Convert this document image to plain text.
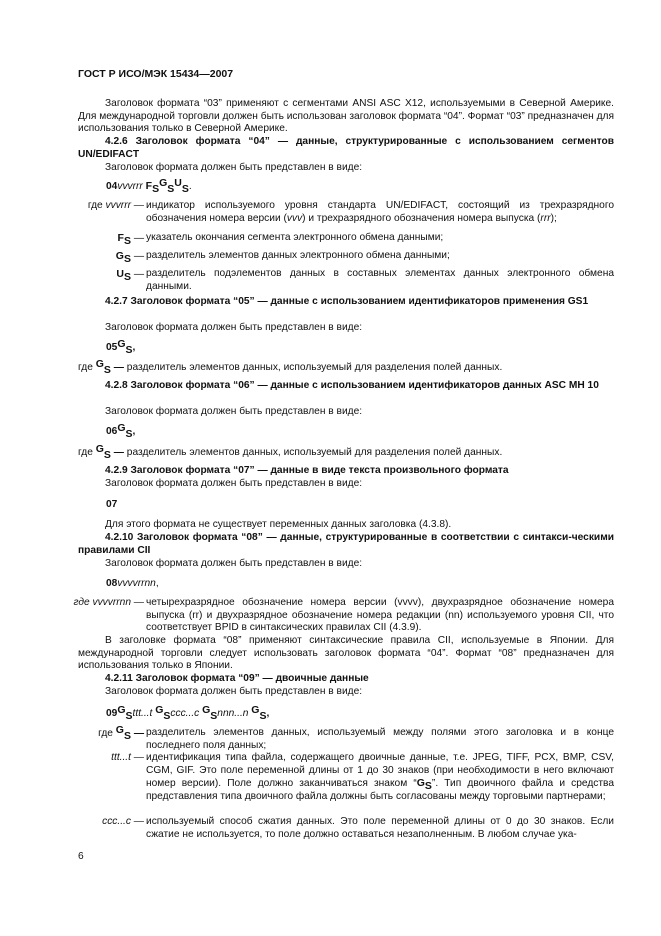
ГОСТ Р ИСО/МЭК 15434—2007
Заголовок формата “03” применяют с сегментами ANSI ASC X12, используемыми в Северной Америке. Для международной торговли должен быть использован заголовок формата “04”. Формат “03” предназначен для использования только в Северной Америке.
4.2.6 Заголовок формата “04” — данные, структурированные с использованием сегментов UN/EDIFACT
Заголовок формата должен быть представлен в виде:
04vvvrrr FSGSUS.
где vvvrrr — индикатор используемого уровня стандарта UN/EDIFACT, состоящий из трехразрядного обозначения номера версии (vvv) и трехразрядного обозначения номера выпуска (rrr);
FS — указатель окончания сегмента электронного обмена данными;
GS — разделитель элементов данных электронного обмена данными;
US — разделитель подэлементов данных в составных элементах данных электронного обмена данными.
4.2.7 Заголовок формата “05” — данные с использованием идентификаторов применения GS1
Заголовок формата должен быть представлен в виде:
05GS,
где GS — разделитель элементов данных, используемый для разделения полей данных.
4.2.8 Заголовок формата “06” — данные с использованием идентификаторов данных ASC MH 10
Заголовок формата должен быть представлен в виде:
06GS,
где GS — разделитель элементов данных, используемый для разделения полей данных.
4.2.9 Заголовок формата “07” — данные в виде текста произвольного формата
Заголовок формата должен быть представлен в виде:
07
Для этого формата не существует переменных данных заголовка (4.3.8).
4.2.10 Заголовок формата “08” — данные, структурированные в соответствии с синтакси-ческими правилами CII
Заголовок формата должен быть представлен в виде:
08vvvvrrnn,
где vvvvrrnn — четырехразрядное обозначение номера версии (vvvv), двухразрядное обозначение номера выпуска (rr) и двухразрядное обозначение номера редакции (nn) используемого уровня CII, что соответствует BPID в синтаксических правилах CII (4.3.9).
В заголовке формата “08” применяют синтаксические правила CII, используемые в Японии. Для международной торговли следует использовать заголовок формата “04”. Формат “08” предназначен для использования только в Японии.
4.2.11 Заголовок формата “09” — двоичные данные
Заголовок формата должен быть представлен в виде:
09GSttt...t GSccc...c GSnnn...n GS,
где GS — разделитель элементов данных, используемый между полями этого заголовка и в конце последнего поля данных;
ttt...t — идентификация типа файла, содержащего двоичные данные, т.е. JPEG, TIFF, PCX, BMP, CSV, CGM, GIF. Это поле переменной длины от 1 до 30 знаков (при необходимости в него включают номер версии). Поле должно заканчиваться знаком “GS”. Тип двоичного файла и средства представления типа двоичного файла должны быть согласованы между торговыми партнерами;
ccc...c — используемый способ сжатия данных. Это поле переменной длины от 0 до 30 знаков. Если сжатие не используется, то поле должно оставаться незаполненным. В любом случае ука-
6
